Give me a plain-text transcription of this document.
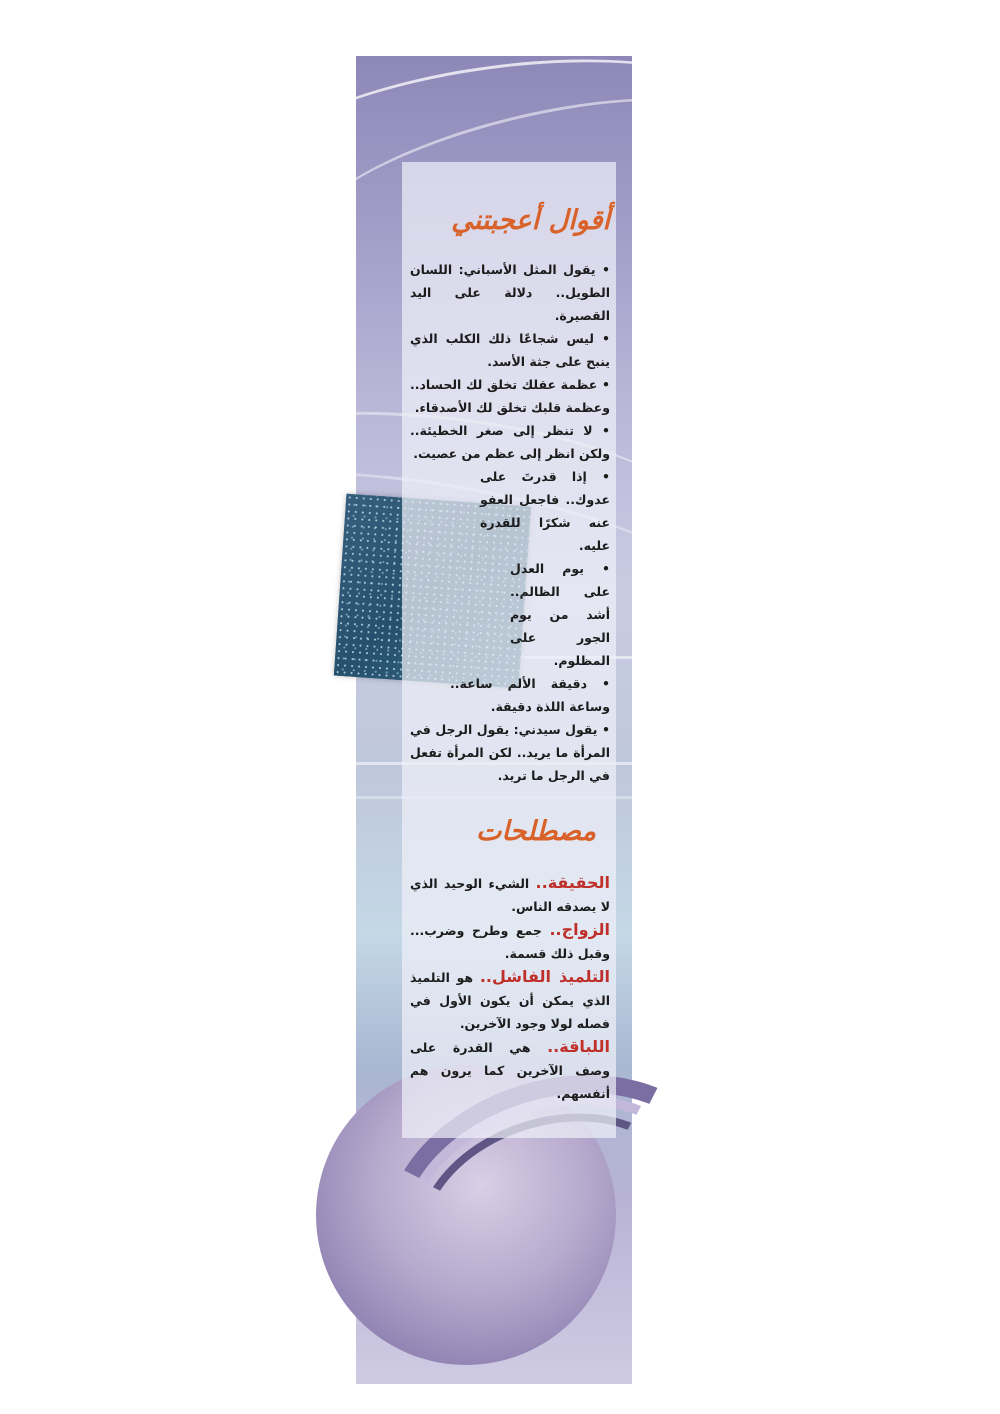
أقوال أعجبتني

• يقول المثل الأسباني: اللسان الطويل.. دلالة على اليد القصيرة.

• ليس شجاعًا ذلك الكلب الذي ينبح على جثة الأسد.

• عظمة عقلك تخلق لك الحساد.. وعظمة قلبك تخلق لك الأصدقاء.

• لا تنظر إلى صغر الخطيئة.. ولكن انظر إلى عظم من عصيت.

• إذا قدرتَ على عدوك.. فاجعل العفو عنه شكرًا للقدرة عليه.

• يوم العدل على الظالم.. أشد من يوم الجور على المظلوم.

• دقيقة الألم ساعة.. وساعة اللذة دقيقة.

• يقول سيدني: يقول الرجل في المرأة ما يريد.. لكن المرأة تفعل في الرجل ما تريد.

مصطلحات

الحقيقة.. الشيء الوحيد الذي لا يصدقه الناس.

الزواج.. جمع وطرح وضرب... وقبل ذلك قسمة.

التلميذ الفاشل.. هو التلميذ الذي يمكن أن يكون الأول في فصله لولا وجود الآخرين.

اللباقة.. هي القدرة على وصف الآخرين كما يرون هم أنفسهم.
